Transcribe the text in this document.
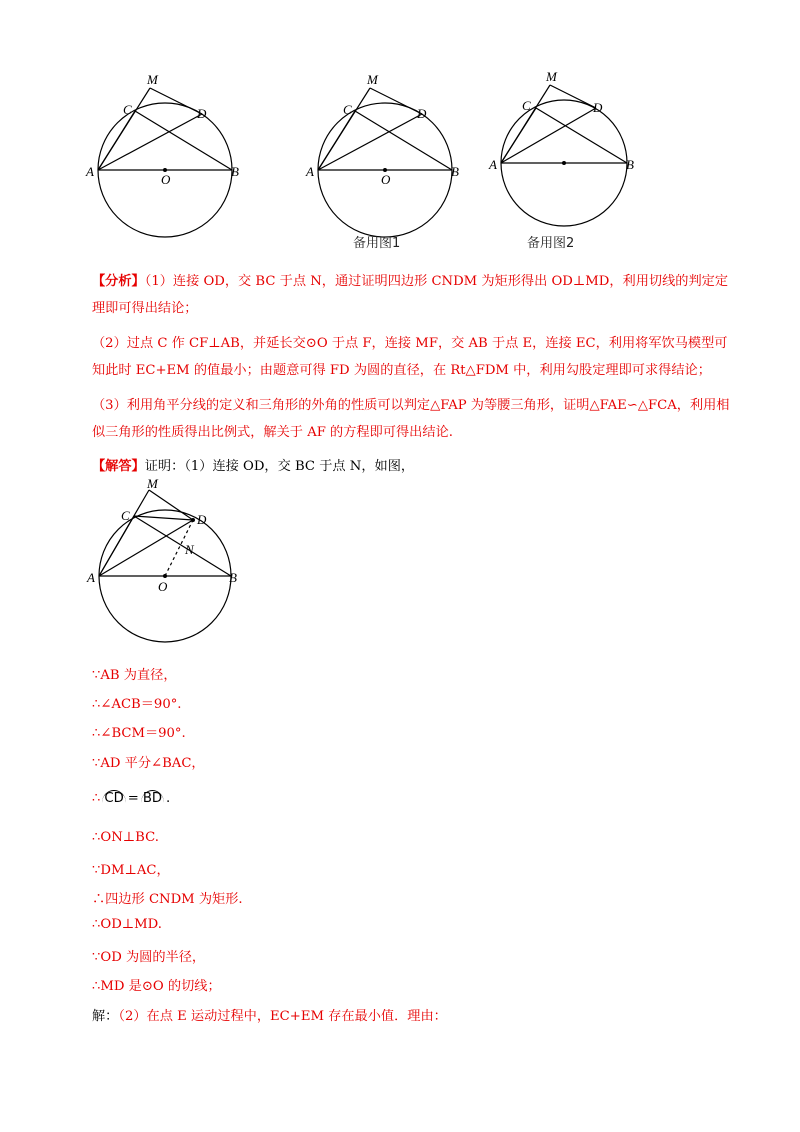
M
C	D
A	B
O
M
C	D
A	B
O
备用图1
M
C	D
A	B
备用图2
【分析】（1）连接 OD，交 BC 于点 N，通过证明四边形 CNDM 为矩形得出 OD⊥MD，利用切线的判定定理即可得出结论；
（2）过点 C 作 CF⊥AB，并延长交⊙O 于点 F，连接 MF，交 AB 于点 E，连接 EC，利用将军饮马模型可知此时 EC+EM 的值最小；由题意可得 FD 为圆的直径，在 Rt△FDM 中，利用勾股定理即可求得结论；
（3）利用角平分线的定义和三角形的外角的性质可以判定△FAP 为等腰三角形，证明△FAE∽△FCA，利用相似三角形的性质得出比例式，解关于 AF 的方程即可得出结论.
【解答】证明：（1）连接 OD，交 BC 于点 N，如图，
M
C	D
N
A	B
O
∵AB 为直径，
∴∠ACB＝90°.
∴∠BCM＝90°.
∵AD 平分∠BAC，
∴ CD = BD .
∴ON⊥BC.
∵DM⊥AC，
∴四边形 CNDM 为矩形.
∴OD⊥MD.
∵OD 为圆的半径，
∴MD 是⊙O 的切线；
解：（2）在点 E 运动过程中，EC+EM 存在最小值．理由：
